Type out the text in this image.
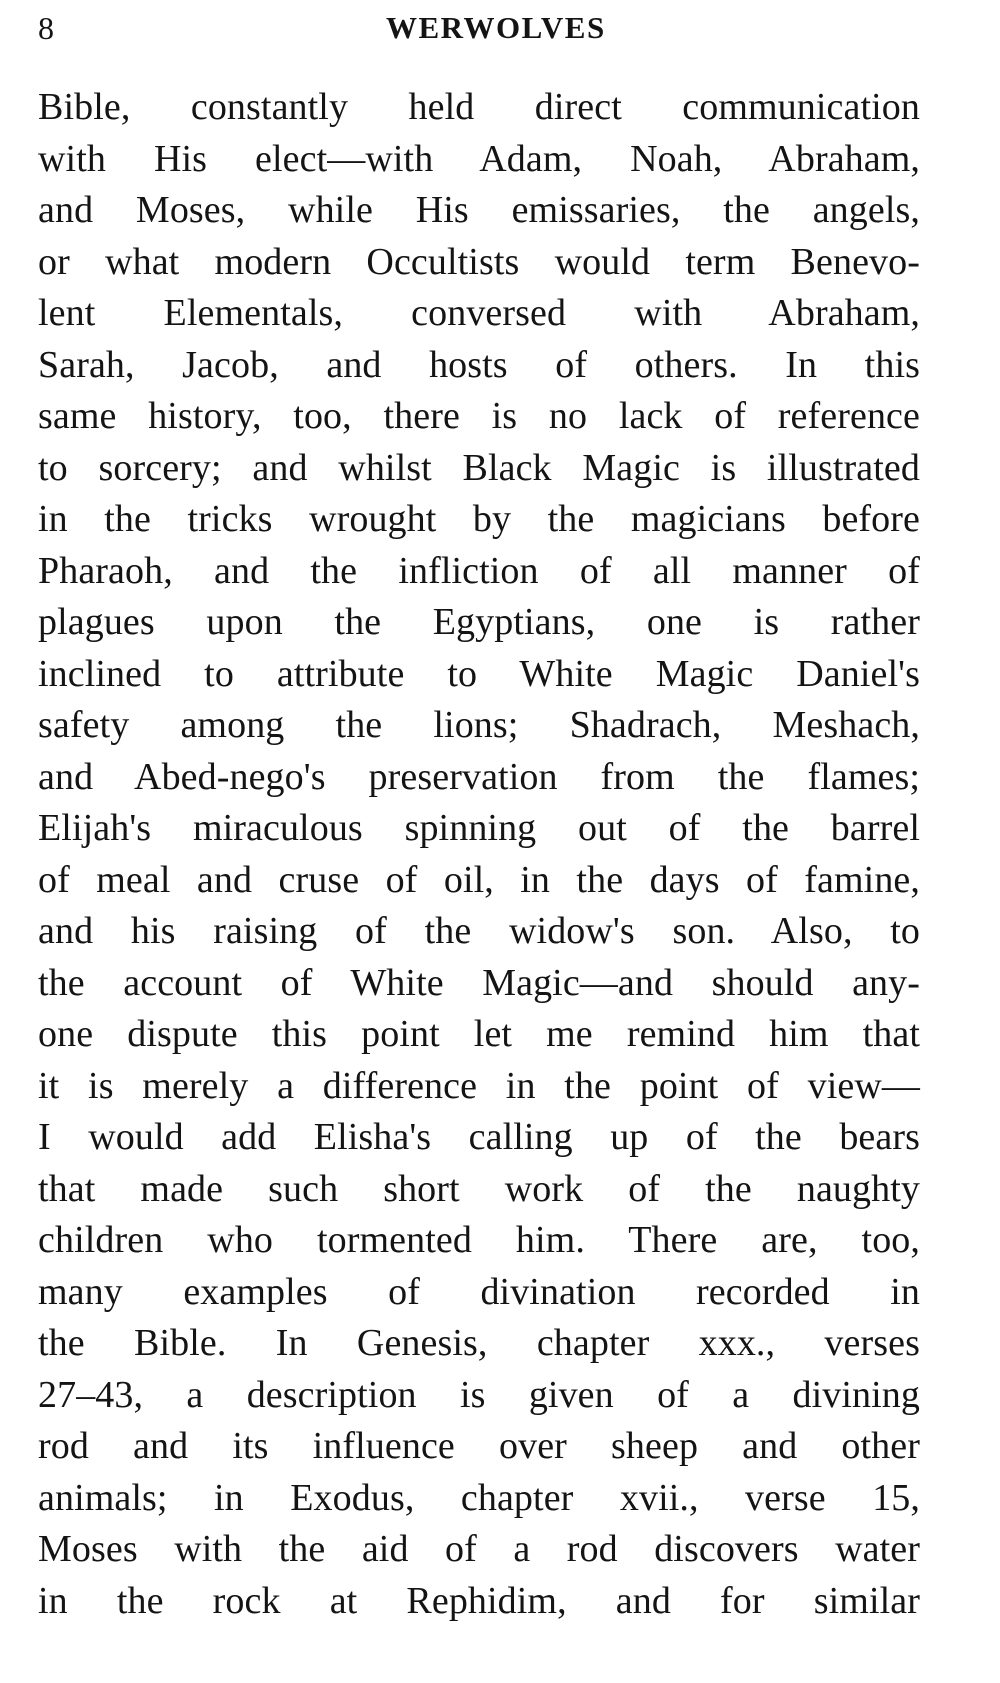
8	WERWOLVES
Bible, constantly held direct communication
with His elect—with Adam, Noah, Abraham,
and Moses, while His emissaries, the angels,
or what modern Occultists would term Benevo-
lent Elementals, conversed with Abraham,
Sarah, Jacob, and hosts of others. In this
same history, too, there is no lack of reference
to sorcery; and whilst Black Magic is illustrated
in the tricks wrought by the magicians before
Pharaoh, and the infliction of all manner of
plagues upon the Egyptians, one is rather
inclined to attribute to White Magic Daniel's
safety among the lions; Shadrach, Meshach,
and Abed-nego's preservation from the flames;
Elijah's miraculous spinning out of the barrel
of meal and cruse of oil, in the days of famine,
and his raising of the widow's son. Also, to
the account of White Magic—and should any-
one dispute this point let me remind him that
it is merely a difference in the point of view—
I would add Elisha's calling up of the bears
that made such short work of the naughty
children who tormented him. There are, too,
many examples of divination recorded in
the Bible. In Genesis, chapter xxx., verses
27–43, a description is given of a divining
rod and its influence over sheep and other
animals; in Exodus, chapter xvii., verse 15,
Moses with the aid of a rod discovers water
in the rock at Rephidim, and for similar
